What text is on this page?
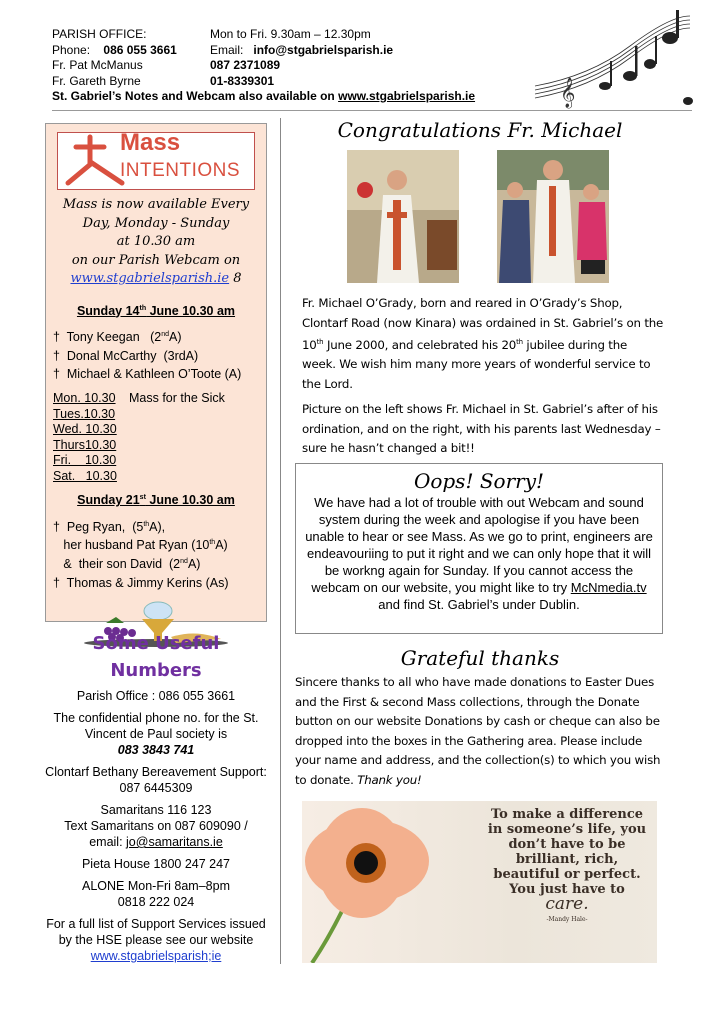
PARISH OFFICE:	Mon to Fri. 9.30am – 12.30pm
Phone: 086 055 3661	Email: info@stgabrielsparish.ie
Fr. Pat McManus	087 2371089
Fr. Gareth Byrne	01-8339301
St. Gabriel’s Notes and Webcam also available on www.stgabrielsparish.ie	𝄞
Mass
INTENTIONS
Mass is now available Every Day, Monday - Sunday
at 10.30 am
on our Parish Webcam on
www.stgabrielsparish.ie 8
Sunday 14th June 10.30 am
†  Tony Keegan   (2ndA)
†  Donal McCarthy  (3rdA)
†  Michael & Kathleen O’Toote (A)
Mon. 10.30 Mass for the Sick
Tues.10.30
Wed. 10.30
Thurs10.30
Fri.    10.30
Sat.   10.30
Sunday 21st June 10.30 am
†  Peg Ryan,  (5thA),
her husband Pat Ryan (10thA)
&  their son David  (2ndA)
†  Thomas & Jimmy Kerins (As)
Some Useful Numbers

Parish Office : 086 055 3661

The confidential phone no. for the St. Vincent de Paul society is
083 3843 741

Clontarf Bethany Bereavement Support: 087 6445309

Samaritans 116 123
Text Samaritans on 087 609090 /
email: jo@samaritans.ie

Pieta House 1800 247 247

ALONE Mon-Fri 8am–8pm
0818 222 024

For a full list of Support Services issued by the HSE please see our website www.stgabrielsparish;ie

Congratulations Fr. Michael

Fr. Michael O’Grady, born and reared in O’Grady’s Shop, Clontarf Road (now Kinara) was ordained in St. Gabriel’s on the 10th June 2000, and celebrated his 20th jubilee during the week. We wish him many more years of wonderful service to the Lord.

Picture on the left shows Fr. Michael in St. Gabriel’s after of his ordination, and on the right, with his parents last Wednesday – sure he hasn’t changed a bit!!

Oops! Sorry!

We have had a lot of trouble with out Webcam and sound system during the week and apologise if you have been unable to hear or see Mass. As we go to print, engineers are endeavouriing to put it right and we can only hope that it will be workng again for Sunday. If you cannot access the webcam on our website, you might like to try McNmedia.tv and find St. Gabriel’s under Dublin.

Grateful thanks
Sincere thanks to all who have made donations to Easter Dues and the First & second Mass collections, through the Donate button on our website Donations by cash or cheque can also be dropped into the boxes in the Gathering area. Please include your name and address, and the collection(s) to which you wish to donate. Thank you!
To make a difference in someone’s life, you don’t have to be brilliant, rich, beautiful or perfect. You just have to
care.
-Mandy Hale-
